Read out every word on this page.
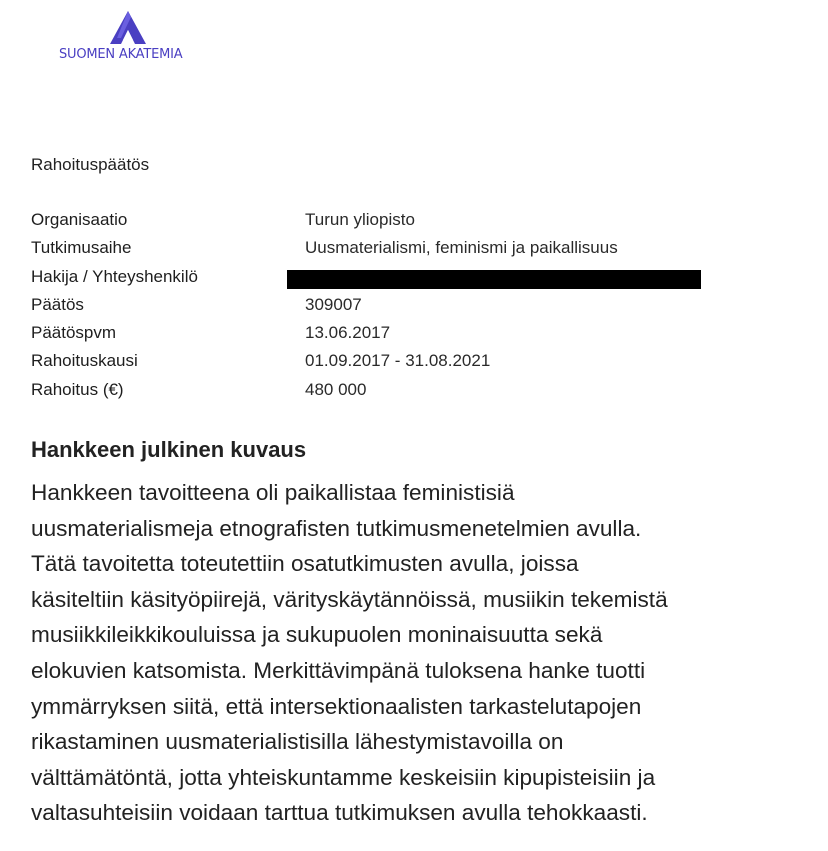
SUOMEN AKATEMIA
Rahoituspäätös
Organisaatio	Turun yliopisto
Tutkimusaihe	Uusmaterialismi, feminismi ja paikallisuus
Hakija / Yhteyshenkilö
Päätös	309007
Päätöspvm	13.06.2017
Rahoituskausi	01.09.2017 - 31.08.2021
Rahoitus (€)	480 000
Hankkeen julkinen kuvaus
Hankkeen tavoitteena oli paikallistaa feministisiä
uusmaterialismeja etnografisten tutkimusmenetelmien avulla.
Tätä tavoitetta toteutettiin osatutkimusten avulla, joissa
käsiteltiin käsityöpiirejä, värityskäytännöissä, musiikin tekemistä
musiikkileikkikouluissa ja sukupuolen moninaisuutta sekä
elokuvien katsomista. Merkittävimpänä tuloksena hanke tuotti
ymmärryksen siitä, että intersektionaalisten tarkastelutapojen
rikastaminen uusmaterialistisilla lähestymistavoilla on
välttämätöntä, jotta yhteiskuntamme keskeisiin kipupisteisiin ja
valtasuhteisiin voidaan tarttua tutkimuksen avulla tehokkaasti.
